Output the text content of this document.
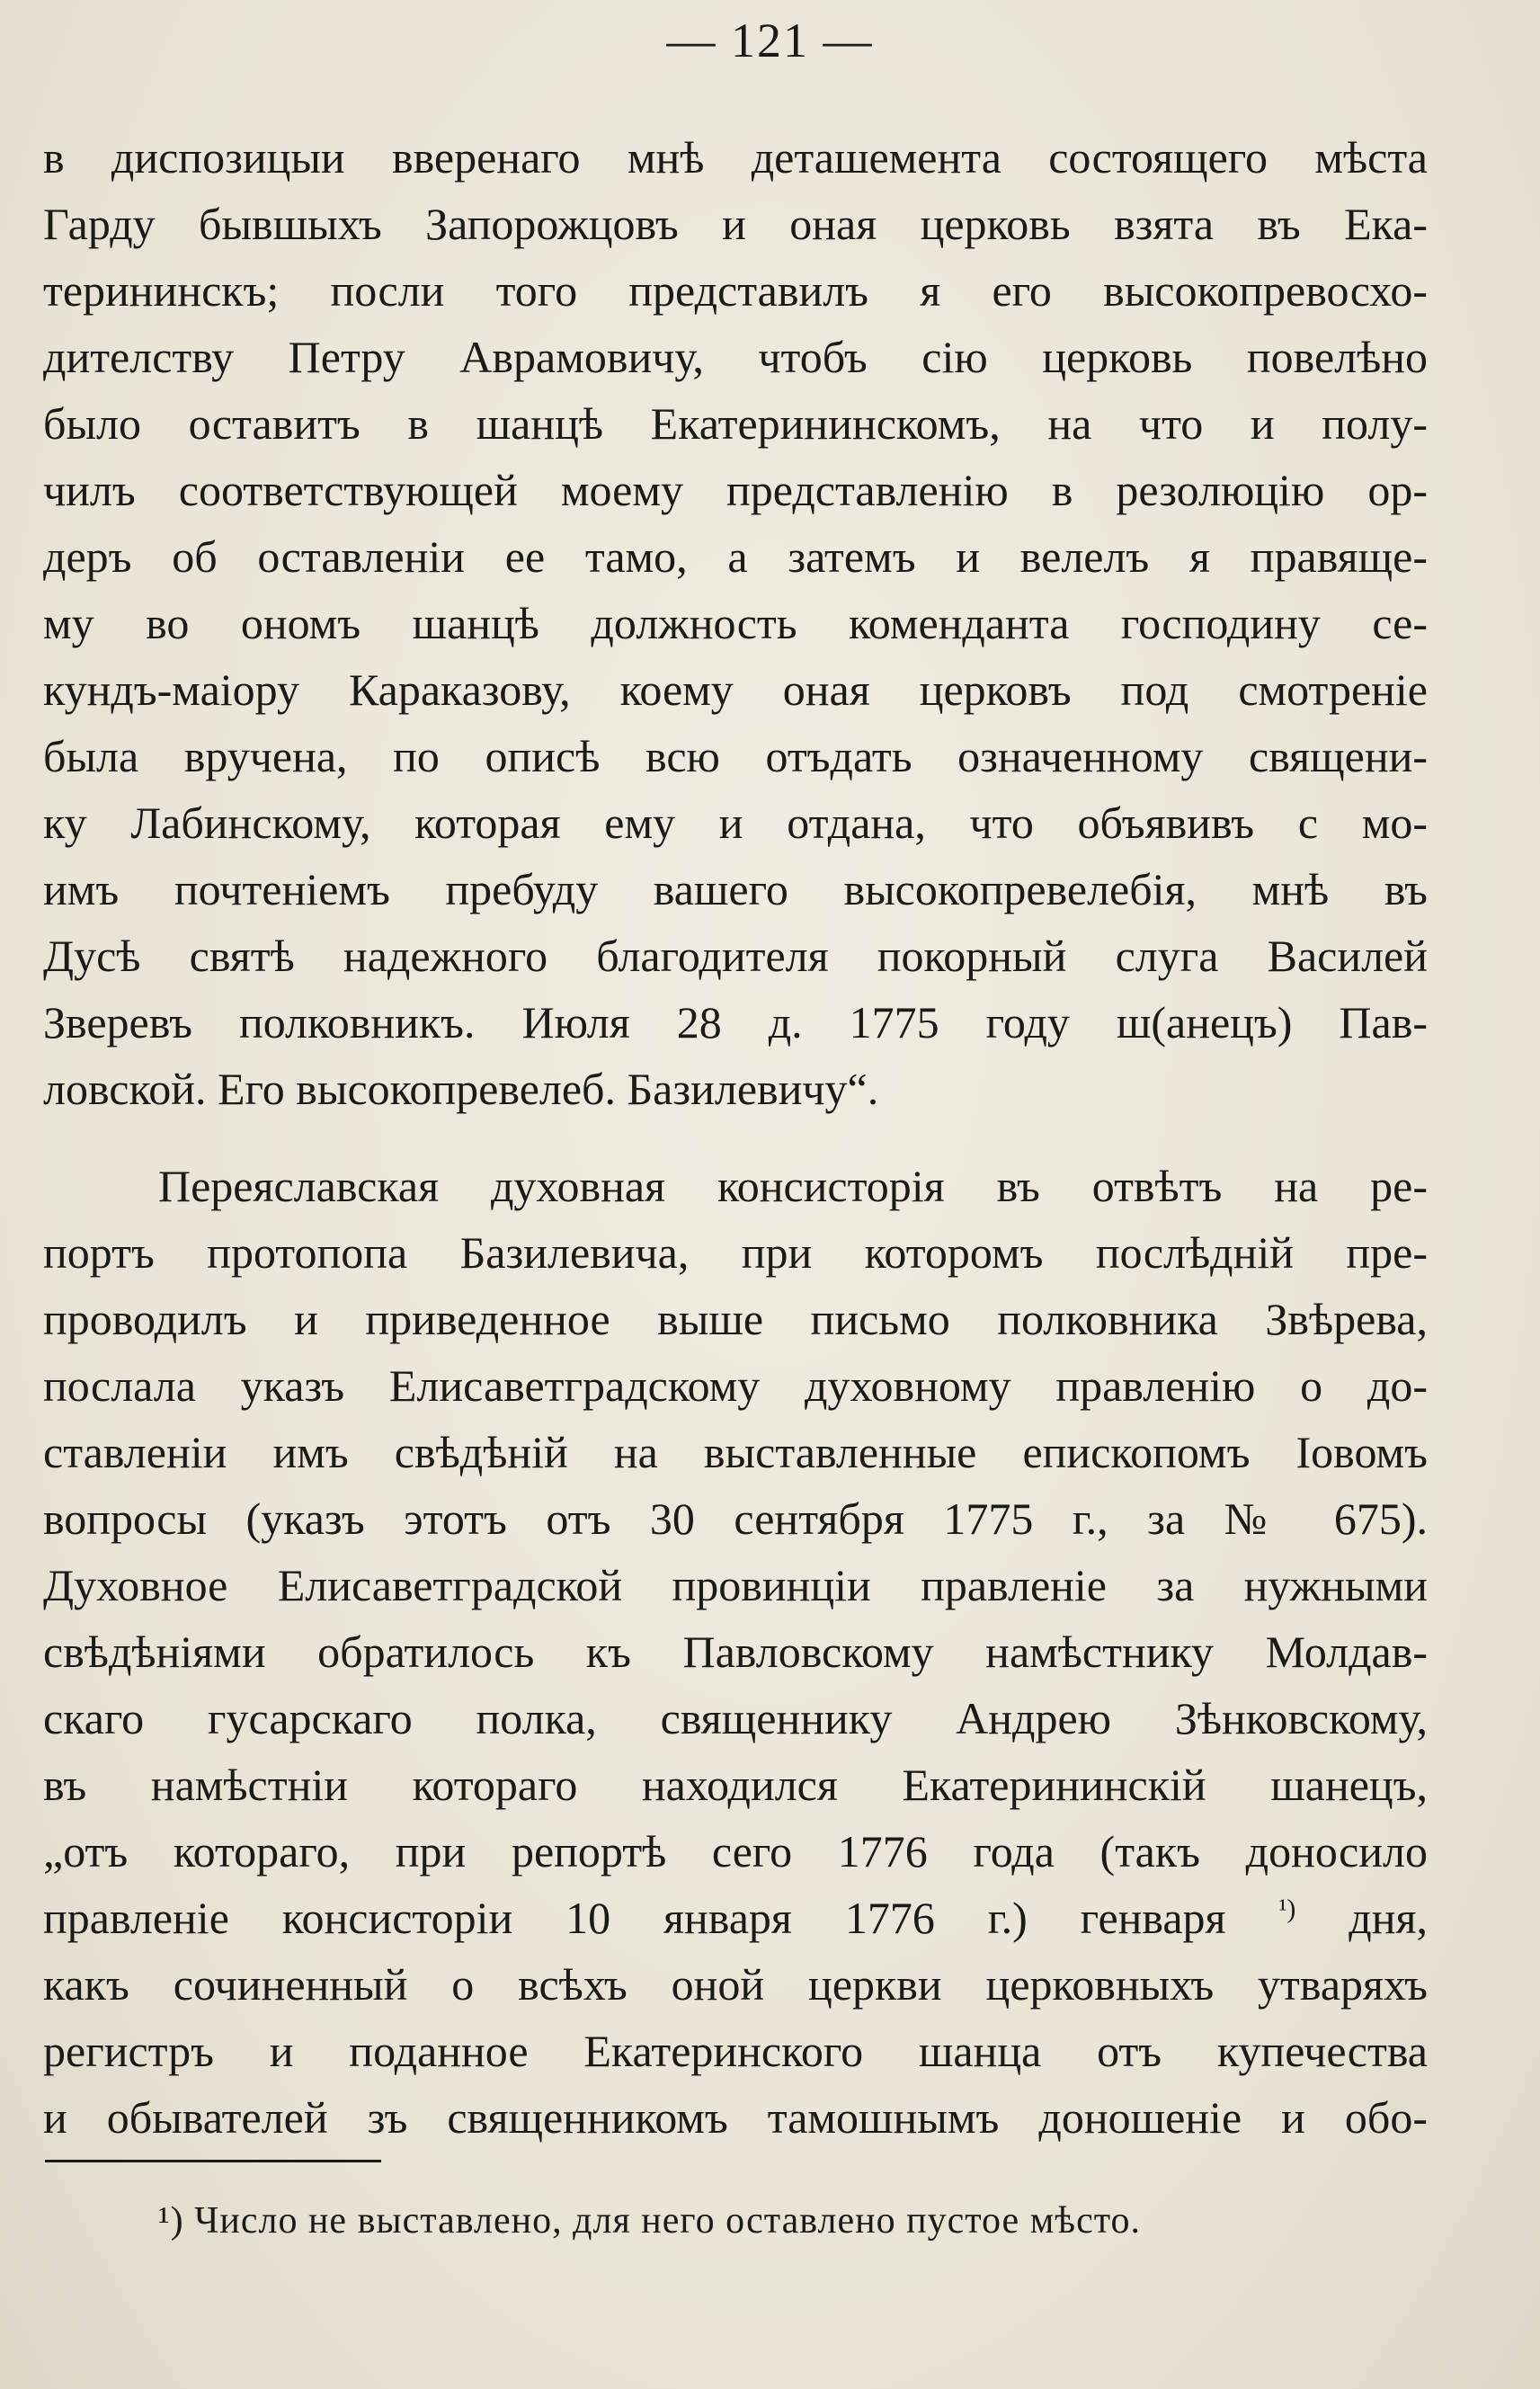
— 121 —
в диспозицыи вверенаго мнѣ деташемента состоящего мѣста
Гарду бывшыхъ Запорожцовъ и оная церковь взята въ Ека-
терининскъ; посли того представилъ я его высокопревосхо-
дителству Петру Аврамовичу, чтобъ сію церковь повелѣно
было оставитъ в шанцѣ Екатерининскомъ, на что и полу-
чилъ соответствующей моему представленію в резолюцію ор-
деръ об оставленіи ее тамо, а затемъ и велелъ я правяще-
му во ономъ шанцѣ должность коменданта господину се-
кундъ-маіору Караказову, коему оная церковъ под смотреніе
была вручена, по описѣ всю отъдать означенному священи-
ку Лабинскому, которая ему и отдана, что объявивъ с мо-
имъ почтеніемъ пребуду вашего высокопревелебія, мнѣ въ
Дусѣ святѣ надежного благодителя покорный слуга Василей
Зверевъ полковникъ. Июля 28 д. 1775 году ш(анецъ) Пав-
ловской. Его высокопревелеб. Базилевичу“.
Переяславская духовная консисторія въ отвѣтъ на ре-
портъ протопопа Базилевича, при которомъ послѣдній пре-
проводилъ и приведенное выше письмо полковника Звѣрева,
послала указъ Елисаветградскому духовному правленію о до-
ставленіи имъ свѣдѣній на выставленные епископомъ Іовомъ
вопросы (указъ этотъ отъ 30 сентября 1775 г., за № 675).
Духовное Елисаветградской провинціи правленіе за нужными
свѣдѣніями обратилось къ Павловскому намѣстнику Молдав-
скаго гусарскаго полка, священнику Андрею Зѣнковскому,
въ намѣстніи котораго находился Екатерининскій шанецъ,
„отъ котораго, при репортѣ сего 1776 года (такъ доносило
правленіе консисторіи 10 января 1776 г.) генваря $^{^1)}$ дня,
какъ сочиненный о всѣхъ оной церкви церковныхъ утваряхъ
регистръ и поданное Екатеринского шанца отъ купечества
и обывателей зъ священникомъ тамошнымъ доношеніе и обо-
¹) Число не выставлено, для него оставлено пустое мѣсто.
